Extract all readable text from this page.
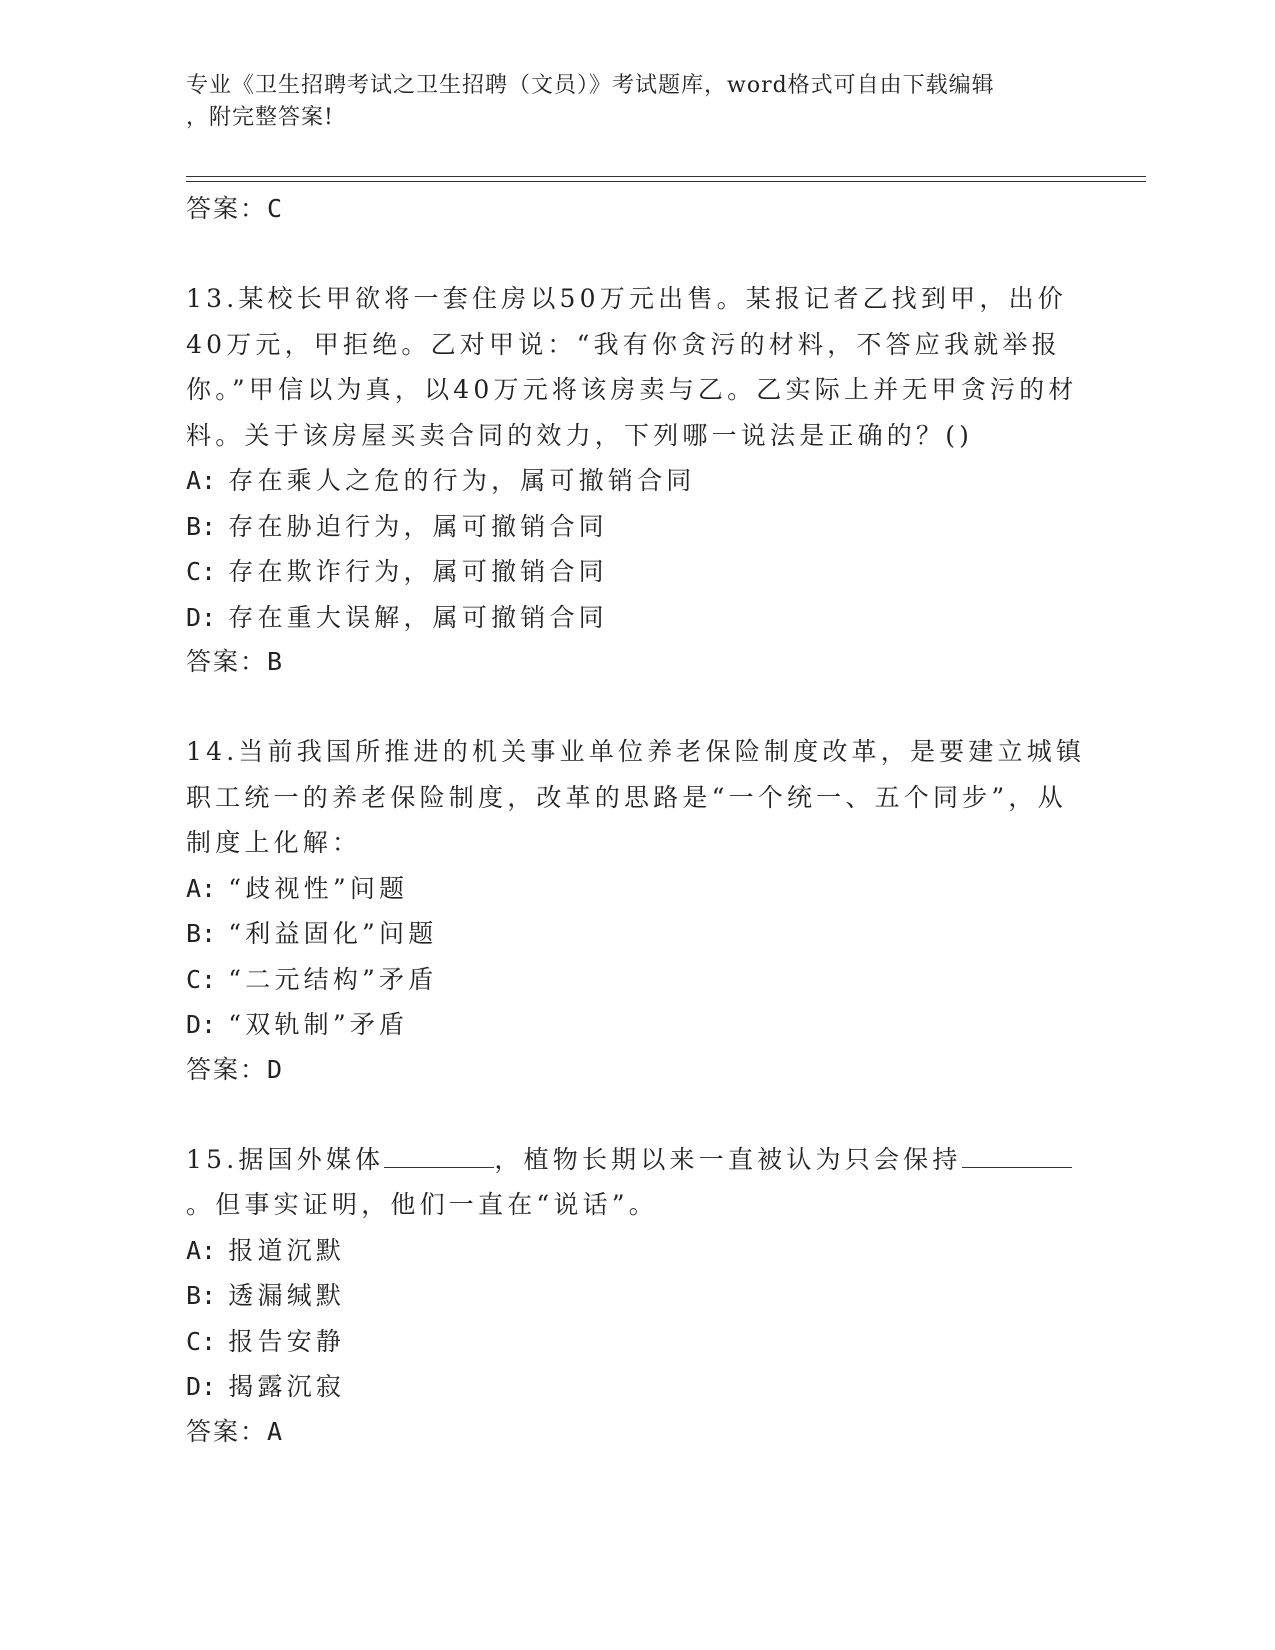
专业《卫生招聘考试之卫生招聘（文员）》考试题库，word格式可自由下载编辑
，附完整答案!
答案：C

13.某校长甲欲将一套住房以50万元出售。某报记者乙找到甲，出价40万元，甲拒绝。乙对甲说：“我有你贪污的材料，不答应我就举报你。”甲信以为真，以40万元将该房卖与乙。乙实际上并无甲贪污的材料。关于该房屋买卖合同的效力，下列哪一说法是正确的？()

A: 存在乘人之危的行为，属可撤销合同
B: 存在胁迫行为，属可撤销合同
C: 存在欺诈行为，属可撤销合同
D: 存在重大误解，属可撤销合同
答案：B

14.当前我国所推进的机关事业单位养老保险制度改革，是要建立城镇职工统一的养老保险制度，改革的思路是“一个统一、五个同步”，从制度上化解：

A: “歧视性”问题
B: “利益固化”问题
C: “二元结构”矛盾
D: “双轨制”矛盾
答案：D

15.据国外媒体	，植物长期以来一直被认为只会保持。但事实证明，他们一直在“说话”。

A: 报道沉默
B: 透漏缄默
C: 报告安静
D: 揭露沉寂
答案：A
